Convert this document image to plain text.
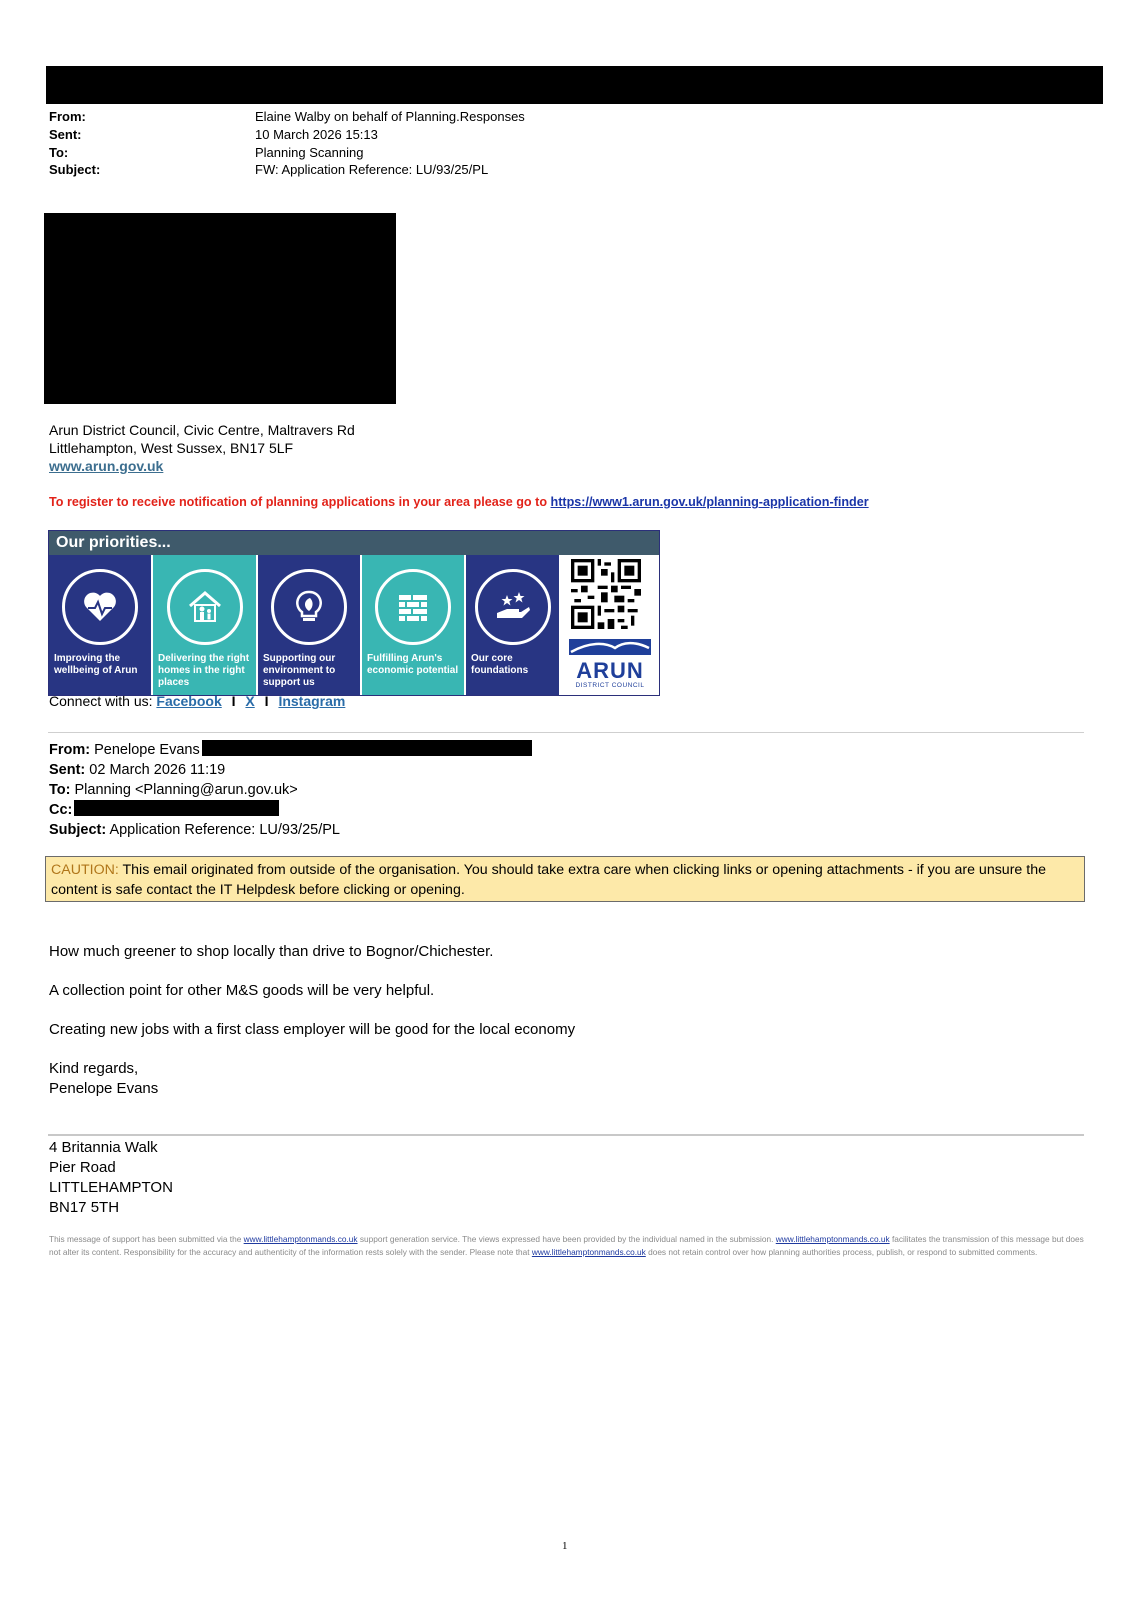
From:	Elaine Walby on behalf of Planning.Responses
Sent:	10 March 2026 15:13
To:	Planning Scanning
Subject:	FW: Application Reference: LU/93/25/PL
Arun District Council, Civic Centre, Maltravers Rd
Littlehampton, West Sussex, BN17 5LF
www.arun.gov.uk
To register to receive notification of planning applications in your area please go to https://www1.arun.gov.uk/planning-application-finder
Our priorities...
Improving the wellbeing of Arun
Delivering the right homes in the right places
Supporting our environment to support us
Fulfilling Arun's economic potential
Our core foundations	ARUN
DISTRICT COUNCIL
Connect with us: Facebook I X I Instagram
From: Penelope Evans
Sent: 02 March 2026 11:19
To: Planning <Planning@arun.gov.uk>
Cc:
Subject: Application Reference: LU/93/25/PL
CAUTION: This email originated from outside of the organisation. You should take extra care when clicking links or opening attachments - if you are unsure the content is safe contact the IT Helpdesk before clicking or opening.
How much greener to shop locally than drive to Bognor/Chichester.
A collection point for other M&S goods will be very helpful.
Creating new jobs with a first class employer will be good for the local economy
Kind regards,
Penelope Evans
4 Britannia Walk
Pier Road
LITTLEHAMPTON
BN17 5TH
This message of support has been submitted via the www.littlehamptonmands.co.uk support generation service. The views expressed have been provided by the individual named in the submission. www.littlehamptonmands.co.uk facilitates the transmission of this message but does not alter its content. Responsibility for the accuracy and authenticity of the information rests solely with the sender. Please note that www.littlehamptonmands.co.uk does not retain control over how planning authorities process, publish, or respond to submitted comments.
1
